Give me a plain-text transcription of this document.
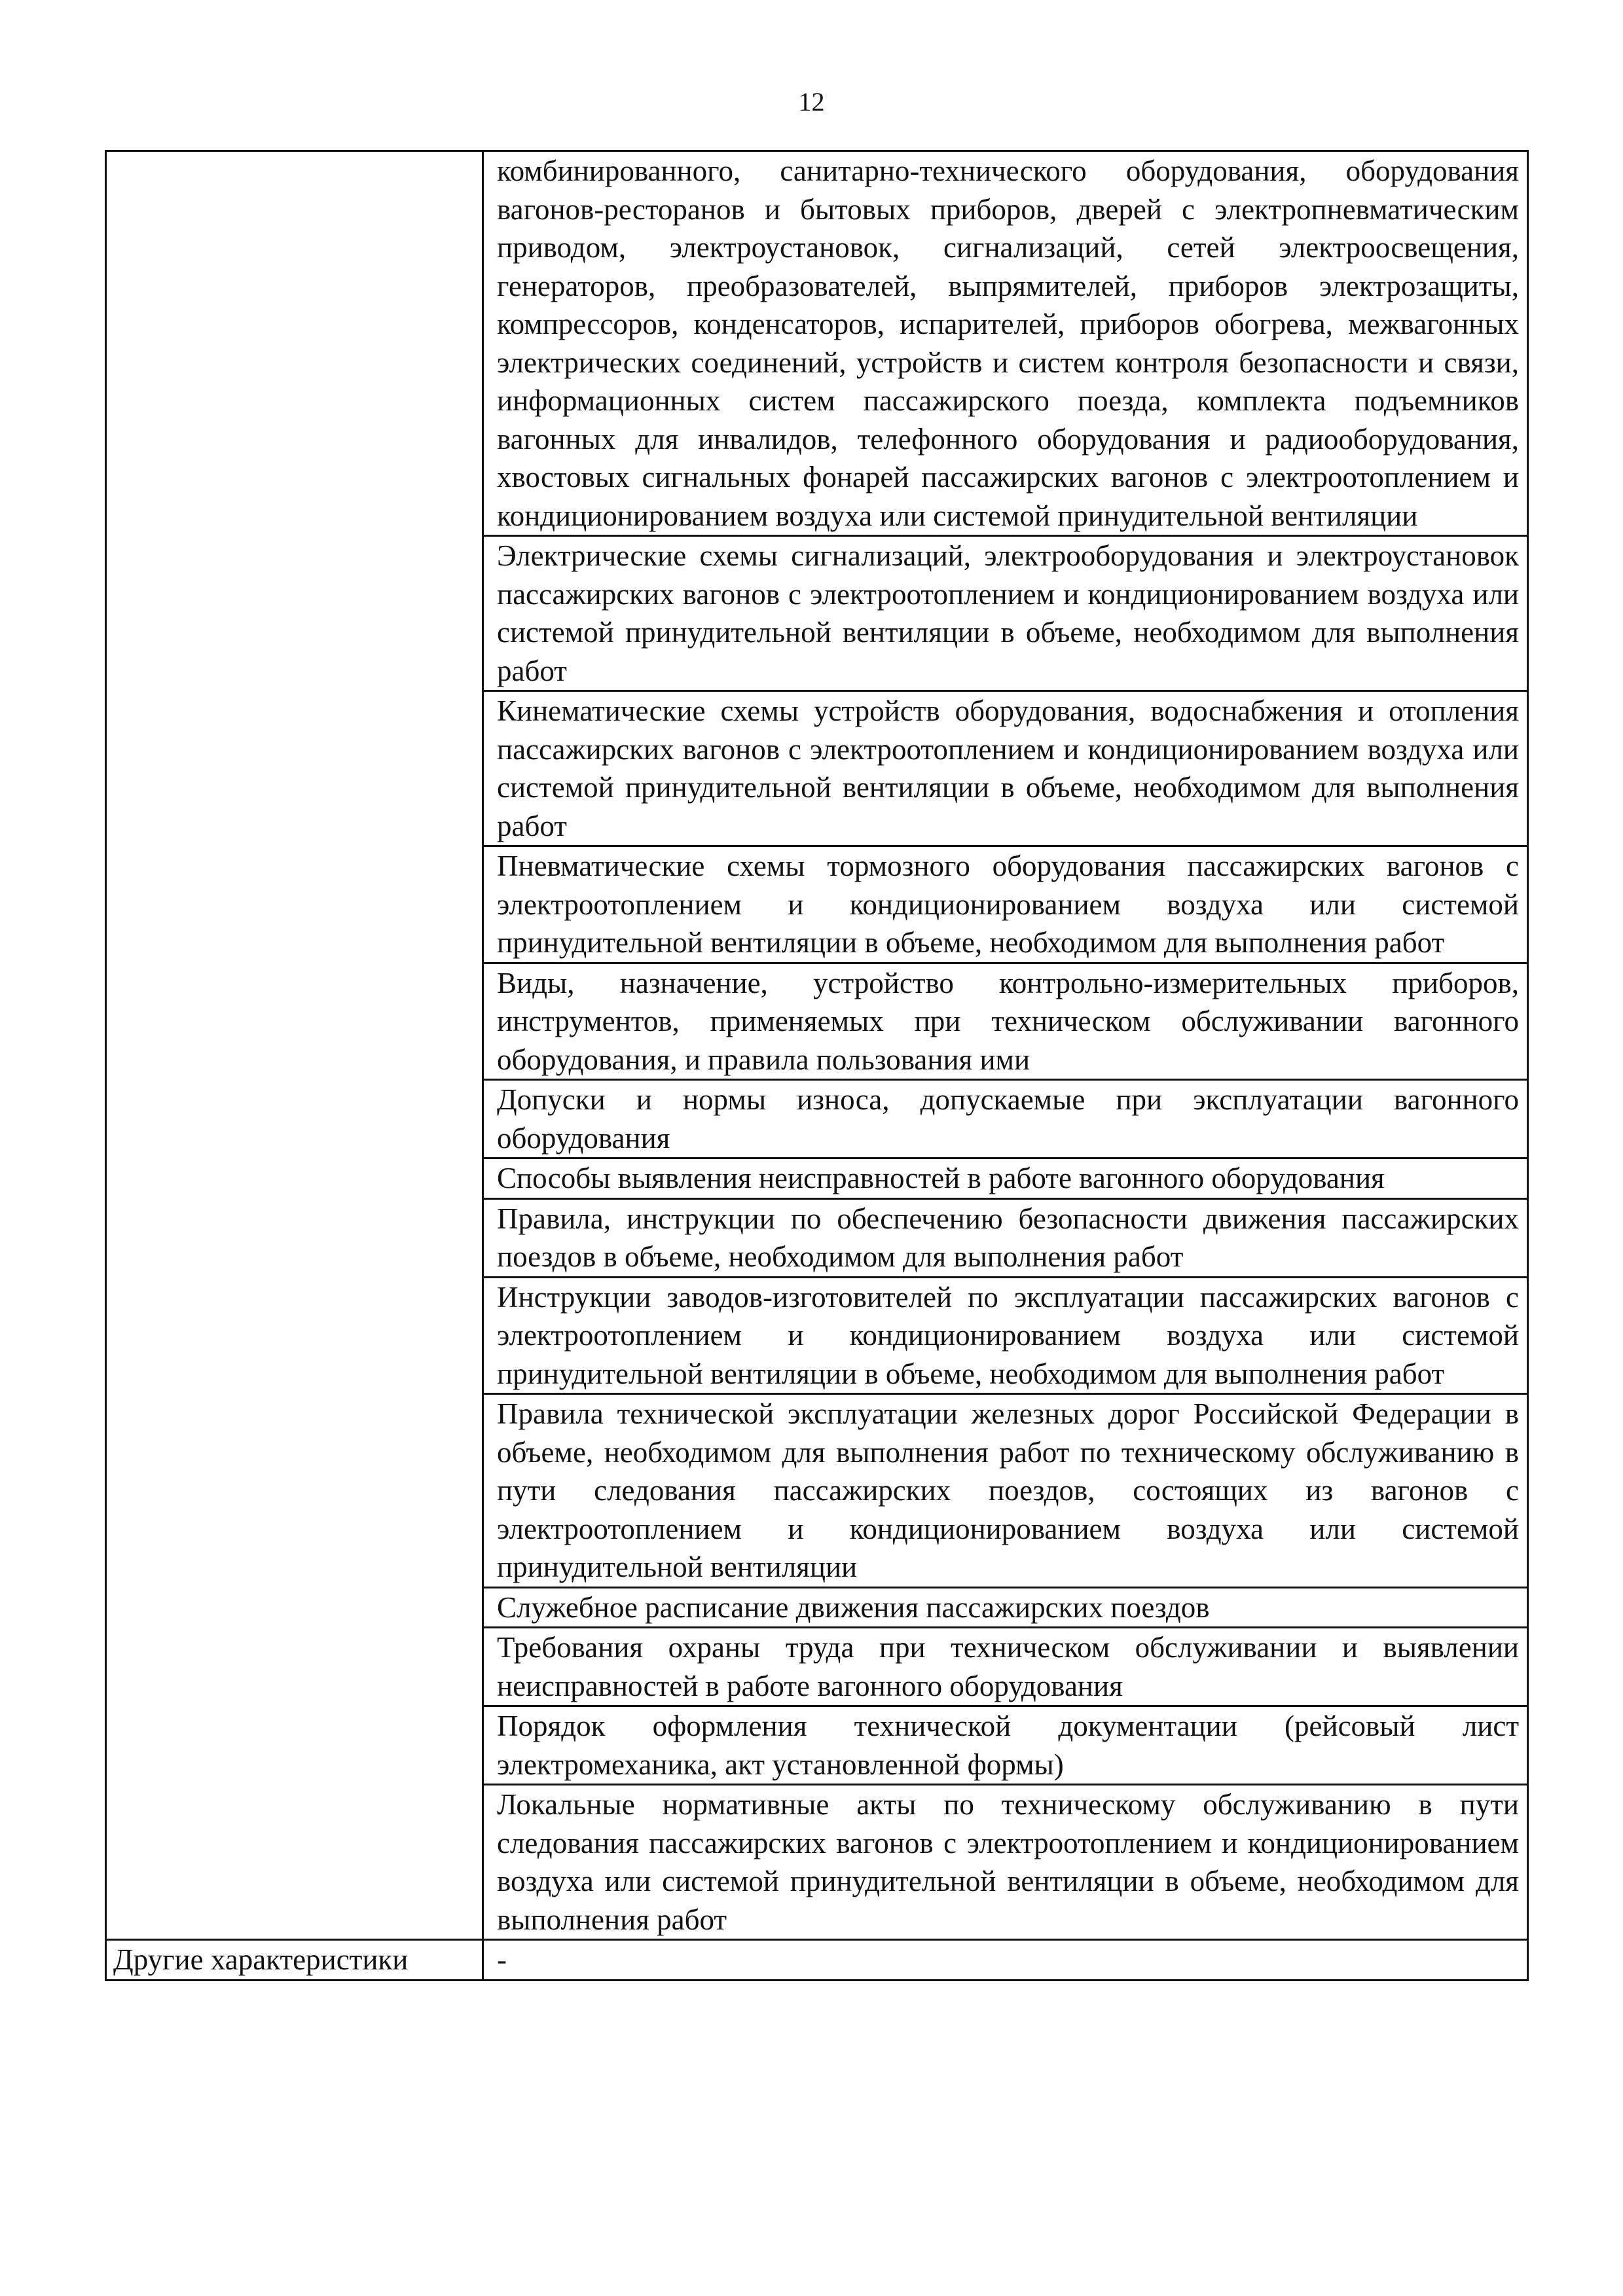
12
	комбинированного, санитарно-технического оборудования, оборудования вагонов-ресторанов и бытовых приборов, дверей с электропневматическим приводом, электроустановок, сигнализаций, сетей электроосвещения, генераторов, преобразователей, выпрямителей, приборов электрозащиты, компрессоров, конденсаторов, испарителей, приборов обогрева, межвагонных электрических соединений, устройств и систем контроля безопасности и связи, информационных систем пассажирского поезда, комплекта подъемников вагонных для инвалидов, телефонного оборудования и радиооборудования, хвостовых сигнальных фонарей пассажирских вагонов с электроотоплением и кондиционированием воздуха или системой принудительной вентиляции
	Электрические схемы сигнализаций, электрооборудования и электроустановок пассажирских вагонов с электроотоплением и кондиционированием воздуха или системой принудительной вентиляции в объеме, необходимом для выполнения работ
	Кинематические схемы устройств оборудования, водоснабжения и отопления пассажирских вагонов с электроотоплением и кондиционированием воздуха или системой принудительной вентиляции в объеме, необходимом для выполнения работ
	Пневматические схемы тормозного оборудования пассажирских вагонов с электроотоплением и кондиционированием воздуха или системой принудительной вентиляции в объеме, необходимом для выполнения работ
	Виды, назначение, устройство контрольно-измерительных приборов, инструментов, применяемых при техническом обслуживании вагонного оборудования, и правила пользования ими
	Допуски и нормы износа, допускаемые при эксплуатации вагонного оборудования
	Способы выявления неисправностей в работе вагонного оборудования
	Правила, инструкции по обеспечению безопасности движения пассажирских поездов в объеме, необходимом для выполнения работ
	Инструкции заводов-изготовителей по эксплуатации пассажирских вагонов с электроотоплением и кондиционированием воздуха или системой принудительной вентиляции в объеме, необходимом для выполнения работ
	Правила технической эксплуатации железных дорог Российской Федерации в объеме, необходимом для выполнения работ по техническому обслуживанию в пути следования пассажирских поездов, состоящих из вагонов с электроотоплением и кондиционированием воздуха или системой принудительной вентиляции
	Служебное расписание движения пассажирских поездов
	Требования охраны труда при техническом обслуживании и выявлении неисправностей в работе вагонного оборудования
	Порядок оформления технической документации (рейсовый лист электромеханика, акт установленной формы)
	Локальные нормативные акты по техническому обслуживанию в пути следования пассажирских вагонов с электроотоплением и кондиционированием воздуха или системой принудительной вентиляции в объеме, необходимом для выполнения работ
Другие характеристики	-
